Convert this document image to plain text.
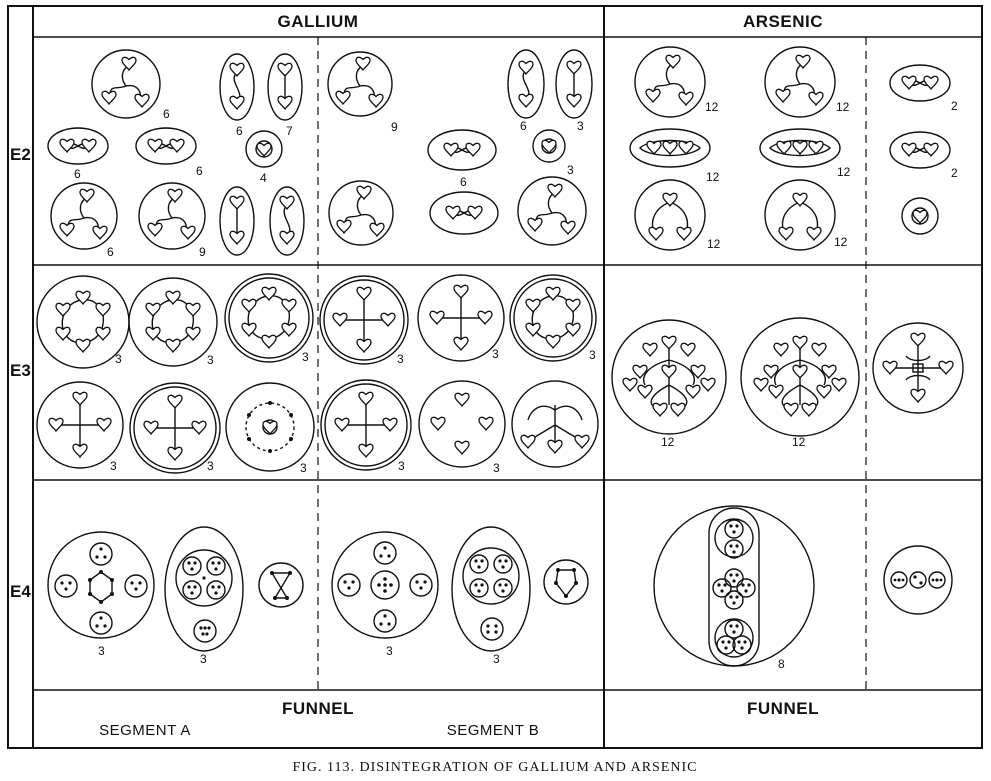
GALLIUM	ARSENIC
E2
E3
E4
FUNNEL	FUNNEL
SEGMENT A	SEGMENT B
FIG. 113. DISINTEGRATION OF GALLIUM AND ARSENIC
6
6	7
4
9	6	3
3
6	6
6
6	9
12	12	2
12	12	2
12	12
3	3	3	3	3	3
3	3	3	3	3
12	12
3
3
3
3	8
